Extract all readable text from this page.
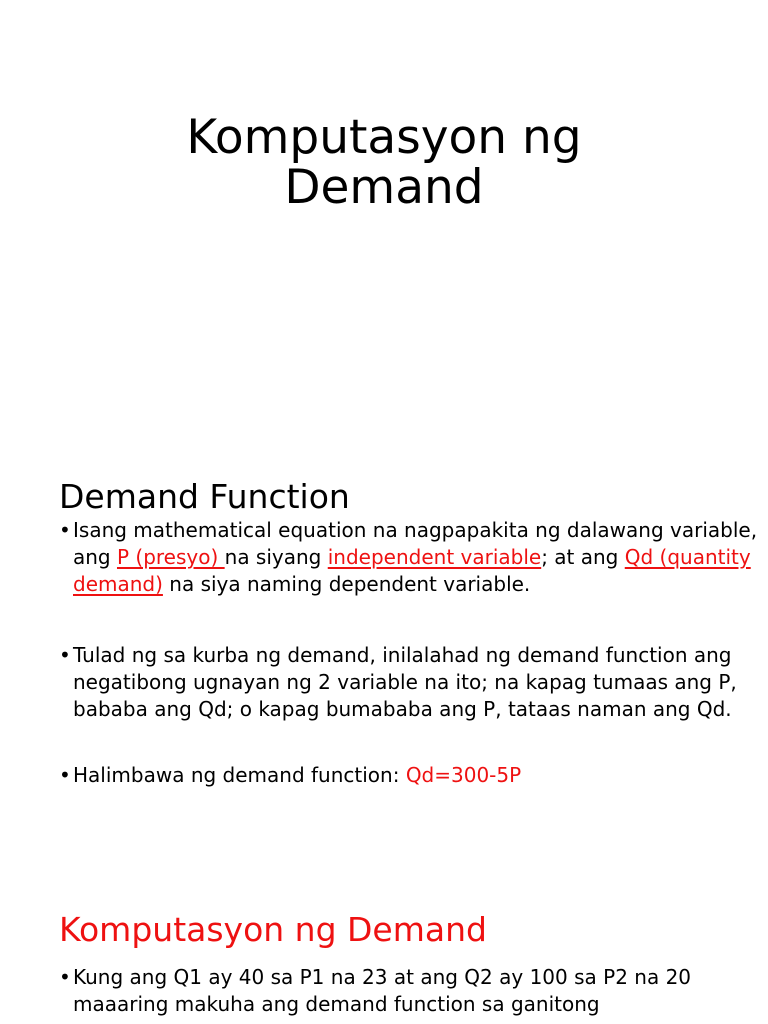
Komputasyon ng
Demand
Demand Function

• Isang mathematical equation na nagpapakita ng dalawang variable, ang P (presyo) na siyang independent variable; at ang Qd (quantity demand) na siya naming dependent variable.

• Tulad ng sa kurba ng demand, inilalahad ng demand function ang negatibong ugnayan ng 2 variable na ito; na kapag tumaas ang P, bababa ang Qd; o kapag bumababa ang P, tataas naman ang Qd.

• Halimbawa ng demand function: Qd=300-5P

Komputasyon ng Demand

• Kung ang Q1 ay 40 sa P1 na 23 at ang Q2 ay 100 sa P2 na 20 maaaring makuha ang demand function sa ganitong
